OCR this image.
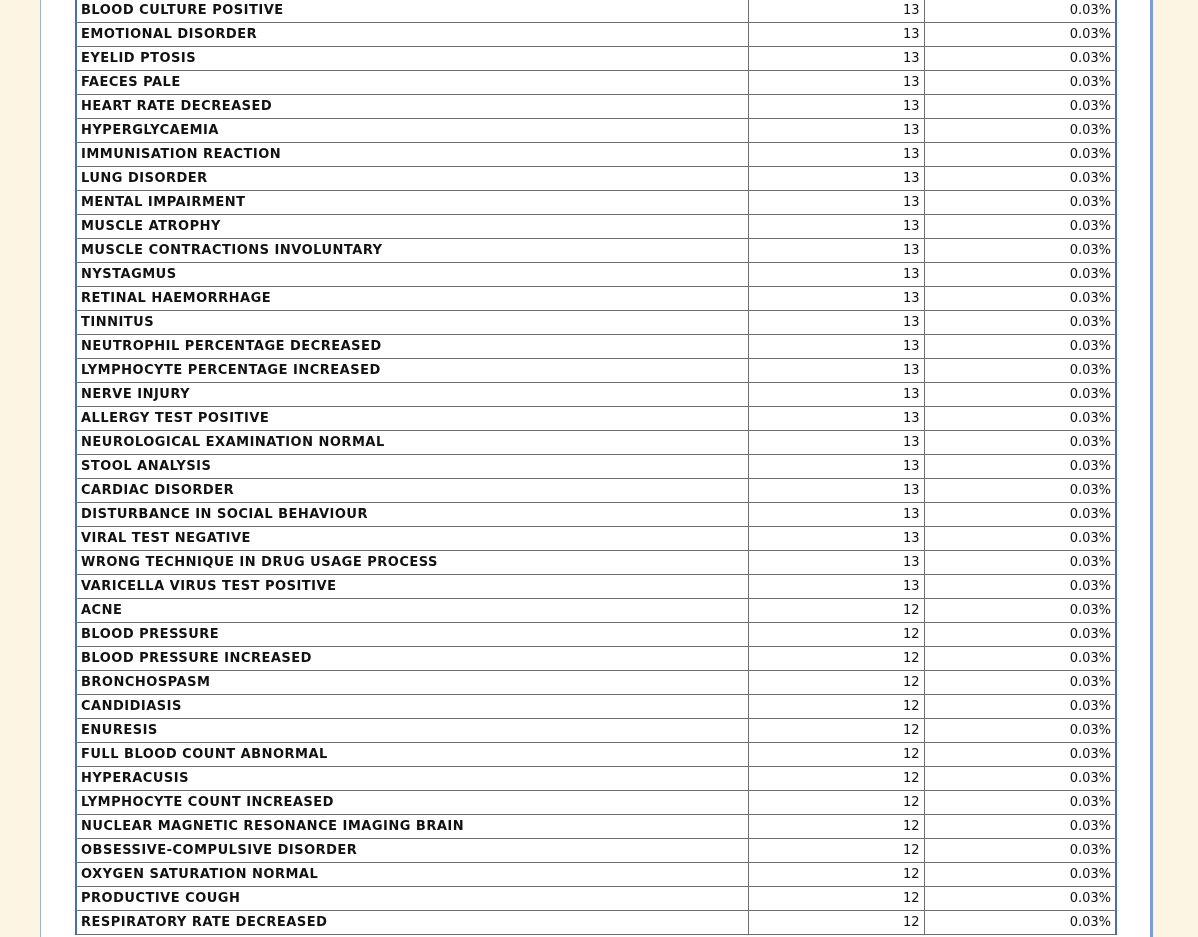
BLOOD CULTURE POSITIVE	13	0.03%
EMOTIONAL DISORDER	13	0.03%
EYELID PTOSIS	13	0.03%
FAECES PALE	13	0.03%
HEART RATE DECREASED	13	0.03%
HYPERGLYCAEMIA	13	0.03%
IMMUNISATION REACTION	13	0.03%
LUNG DISORDER	13	0.03%
MENTAL IMPAIRMENT	13	0.03%
MUSCLE ATROPHY	13	0.03%
MUSCLE CONTRACTIONS INVOLUNTARY	13	0.03%
NYSTAGMUS	13	0.03%
RETINAL HAEMORRHAGE	13	0.03%
TINNITUS	13	0.03%
NEUTROPHIL PERCENTAGE DECREASED	13	0.03%
LYMPHOCYTE PERCENTAGE INCREASED	13	0.03%
NERVE INJURY	13	0.03%
ALLERGY TEST POSITIVE	13	0.03%
NEUROLOGICAL EXAMINATION NORMAL	13	0.03%
STOOL ANALYSIS	13	0.03%
CARDIAC DISORDER	13	0.03%
DISTURBANCE IN SOCIAL BEHAVIOUR	13	0.03%
VIRAL TEST NEGATIVE	13	0.03%
WRONG TECHNIQUE IN DRUG USAGE PROCESS	13	0.03%
VARICELLA VIRUS TEST POSITIVE	13	0.03%
ACNE	12	0.03%
BLOOD PRESSURE	12	0.03%
BLOOD PRESSURE INCREASED	12	0.03%
BRONCHOSPASM	12	0.03%
CANDIDIASIS	12	0.03%
ENURESIS	12	0.03%
FULL BLOOD COUNT ABNORMAL	12	0.03%
HYPERACUSIS	12	0.03%
LYMPHOCYTE COUNT INCREASED	12	0.03%
NUCLEAR MAGNETIC RESONANCE IMAGING BRAIN	12	0.03%
OBSESSIVE-COMPULSIVE DISORDER	12	0.03%
OXYGEN SATURATION NORMAL	12	0.03%
PRODUCTIVE COUGH	12	0.03%
RESPIRATORY RATE DECREASED	12	0.03%
